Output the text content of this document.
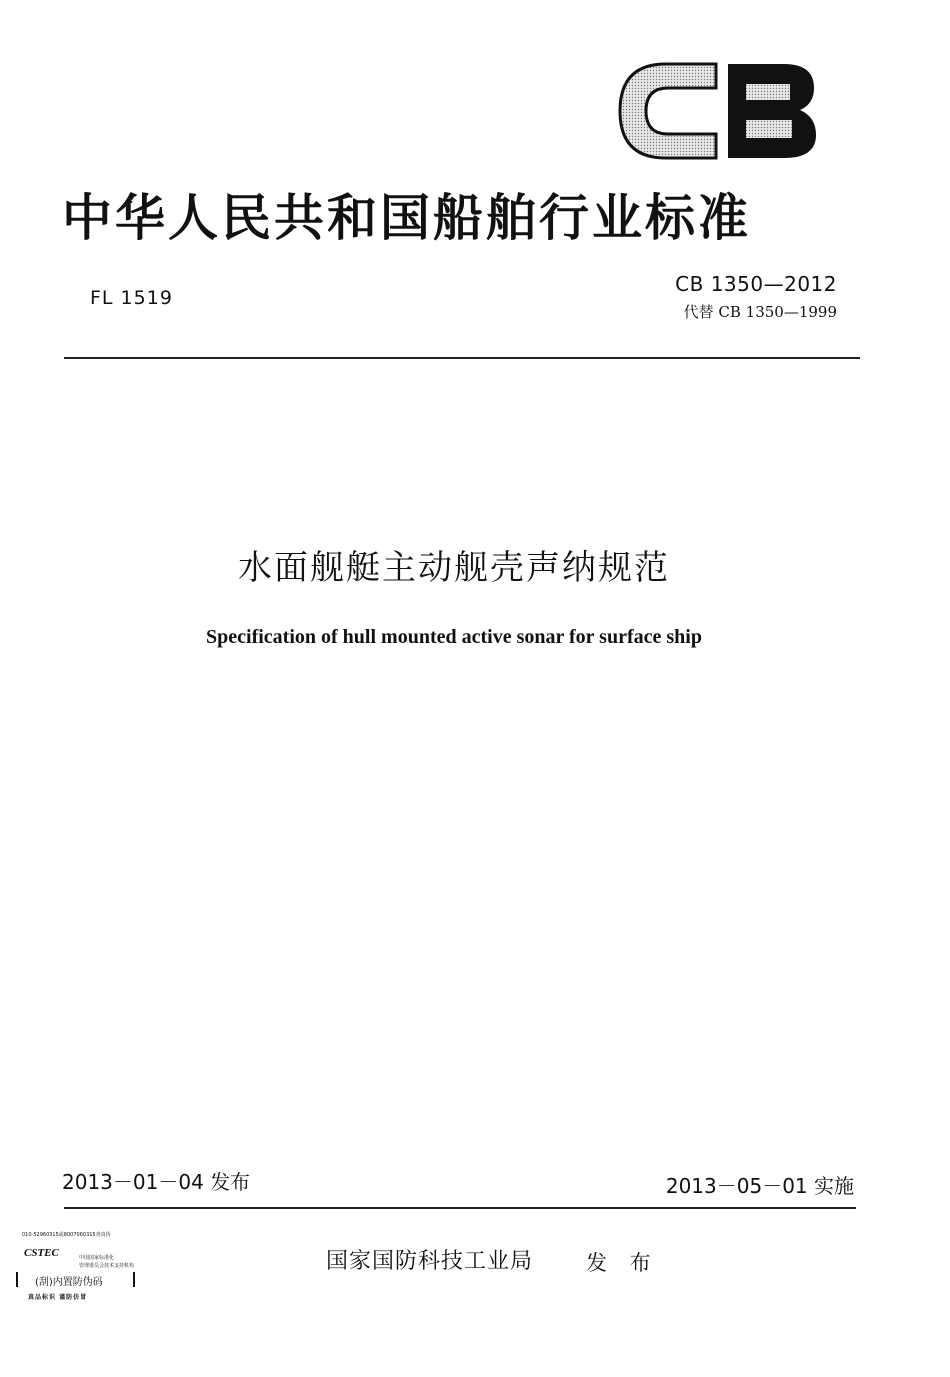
中华人民共和国船舶行业标准
FL 1519
CB 1350—2012
代替 CB 1350—1999
水面舰艇主动舰壳声纳规范
Specification of hull mounted active sonar for surface ship
2013－01－04 发布	2013－05－01 实施
国家国防科技工业局	发 布
010-52960315或8007060315查真伪
CSTEC	中国国家标准化
管理委员会技术支持机构
(刮)内置防伪码
真品标识 谨防仿冒
